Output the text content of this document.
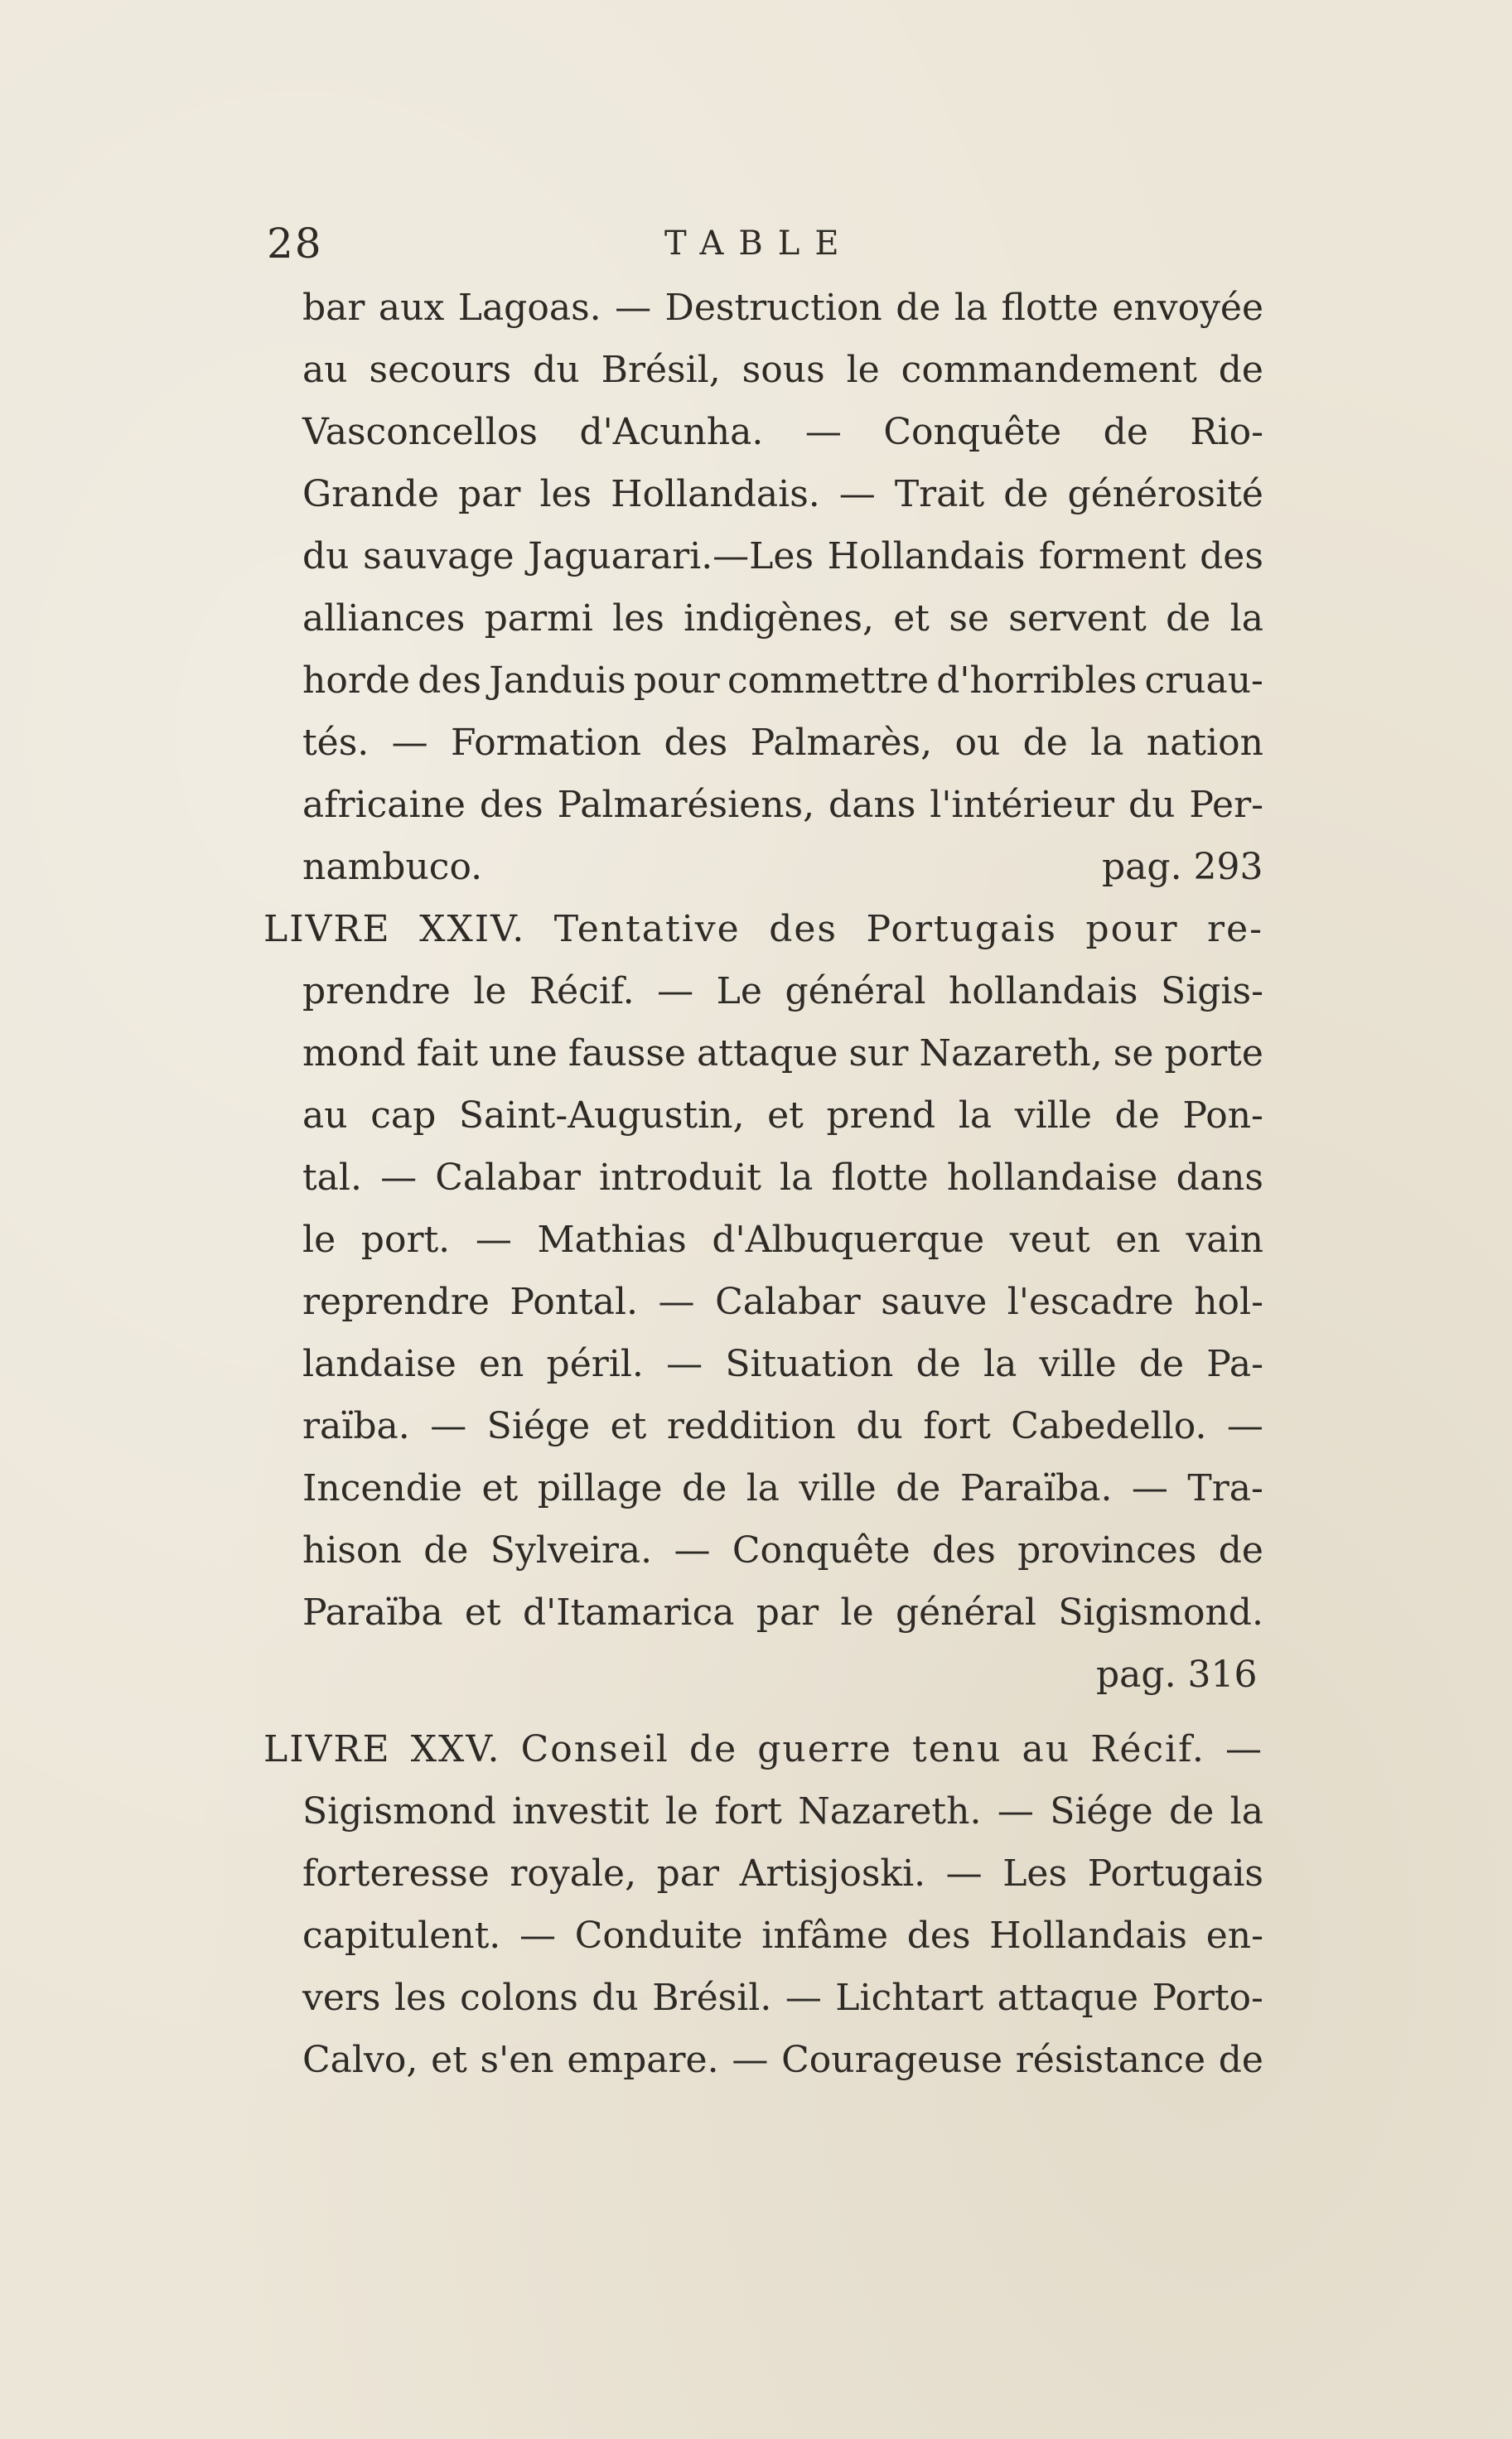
28	TABLE
bar aux Lagoas. — Destruction de la flotte envoyée
au secours du Brésil, sous le commandement de
Vasconcellos d'Acunha. — Conquête de Rio-
Grande par les Hollandais. — Trait de générosité
du sauvage Jaguarari.—Les Hollandais forment des
alliances parmi les indigènes, et se servent de la
horde des Janduis pour commettre d'horribles cruau-
tés. — Formation des Palmarès, ou de la nation
africaine des Palmarésiens, dans l'intérieur du Per-
nambuco.	pag. 293
LIVRE XXIV. Tentative des Portugais pour re-
prendre le Récif. — Le général hollandais Sigis-
mond fait une fausse attaque sur Nazareth, se porte
au cap Saint-Augustin, et prend la ville de Pon-
tal. — Calabar introduit la flotte hollandaise dans
le port. — Mathias d'Albuquerque veut en vain
reprendre Pontal. — Calabar sauve l'escadre hol-
landaise en péril. — Situation de la ville de Pa-
raïba. — Siége et reddition du fort Cabedello. —
Incendie et pillage de la ville de Paraïba. — Tra-
hison de Sylveira. — Conquête des provinces de
Paraïba et d'Itamarica par le général Sigismond.
pag. 316
LIVRE XXV. Conseil de guerre tenu au Récif. —
Sigismond investit le fort Nazareth. — Siége de la
forteresse royale, par Artisjoski. — Les Portugais
capitulent. — Conduite infâme des Hollandais en-
vers les colons du Brésil. — Lichtart attaque Porto-
Calvo, et s'en empare. — Courageuse résistance de
